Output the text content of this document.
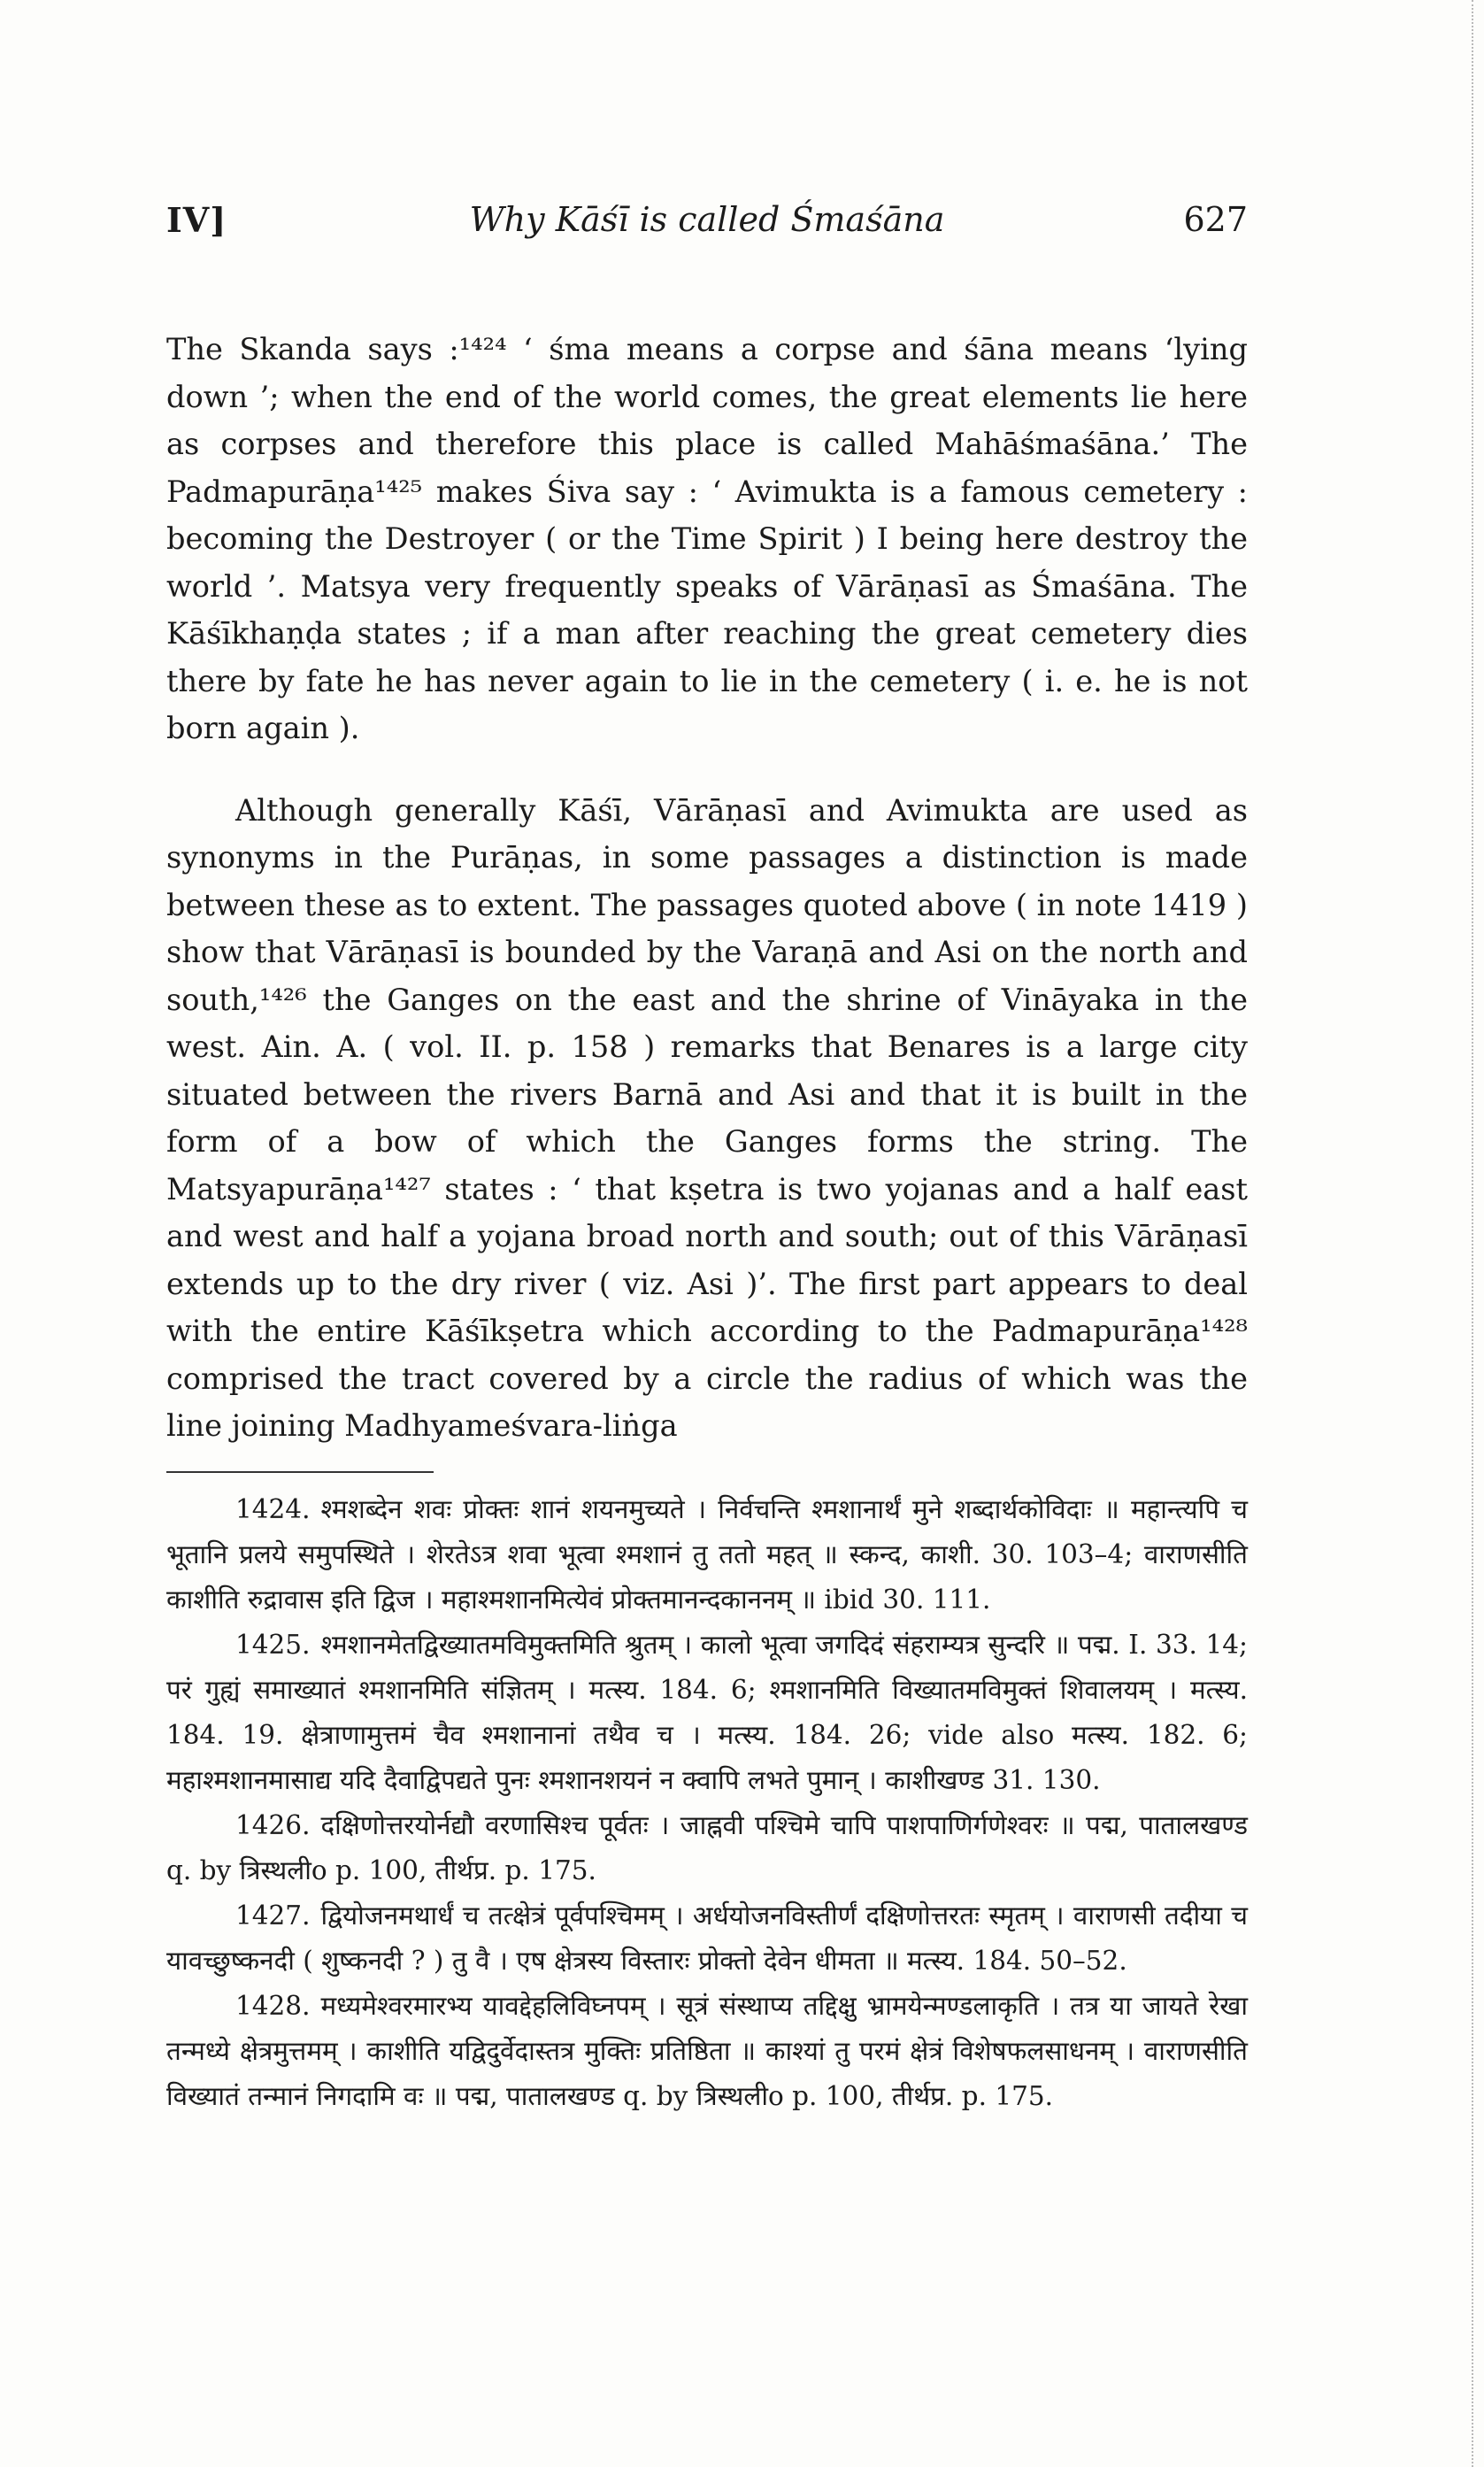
IV]	Why Kāśī is called Śmaśāna	627

The Skanda says :¹⁴²⁴ ‘ śma means a corpse and śāna means ‘lying down ’; when the end of the world comes, the great elements lie here as corpses and therefore this place is called Mahāśmaśāna.’ The Padmapurāṇa¹⁴²⁵ makes Śiva say : ‘ Avimukta is a famous cemetery : becoming the Destroyer ( or the Time Spirit ) I being here destroy the world ’. Matsya very frequently speaks of Vārāṇasī as Śmaśāna. The Kāśīkhaṇḍa states ; if a man after reaching the great cemetery dies there by fate he has never again to lie in the cemetery ( i. e. he is not born again ).

Although generally Kāśī, Vārāṇasī and Avimukta are used as synonyms in the Purāṇas, in some passages a distinction is made between these as to extent. The passages quoted above ( in note 1419 ) show that Vārāṇasī is bounded by the Varaṇā and Asi on the north and south,¹⁴²⁶ the Ganges on the east and the shrine of Vināyaka in the west. Ain. A. ( vol. II. p. 158 ) remarks that Benares is a large city situated between the rivers Barnā and Asi and that it is built in the form of a bow of which the Ganges forms the string. The Matsyapurāṇa¹⁴²⁷ states : ‘ that kṣetra is two yojanas and a half east and west and half a yojana broad north and south; out of this Vārāṇasī extends up to the dry river ( viz. Asi )’. The first part appears to deal with the entire Kāśīkṣetra which according to the Padmapurāṇa¹⁴²⁸ comprised the tract covered by a circle the radius of which was the line joining Madhyameśvara-liṅga

1424. श्मशब्देन शवः प्रोक्तः शानं शयनमुच्यते । निर्वचन्ति श्मशानार्थं मुने शब्दार्थकोविदाः ॥ महान्त्यपि च भूतानि प्रलये समुपस्थिते । शेरतेऽत्र शवा भूत्वा श्मशानं तु ततो महत् ॥ स्कन्द, काशी. 30. 103–4; वाराणसीति काशीति रुद्रावास इति द्विज । महाश्मशानमित्येवं प्रोक्तमानन्दकाननम् ॥ ibid 30. 111.

1425. श्मशानमेतद्विख्यातमविमुक्तमिति श्रुतम् । कालो भूत्वा जगदिदं संहराम्यत्र सुन्दरि ॥ पद्म. I. 33. 14; परं गुह्यं समाख्यातं श्मशानमिति संज्ञितम् । मत्स्य. 184. 6; श्मशानमिति विख्यातमविमुक्तं शिवालयम् । मत्स्य. 184. 19. क्षेत्राणामुत्तमं चैव श्मशानानां तथैव च । मत्स्य. 184. 26; vide also मत्स्य. 182. 6; महाश्मशानमासाद्य यदि दैवाद्विपद्यते पुनः श्मशानशयनं न क्वापि लभते पुमान् । काशीखण्ड 31. 130.

1426. दक्षिणोत्तरयोर्नद्यौ वरणासिश्च पूर्वतः । जाह्नवी पश्चिमे चापि पाशपाणिर्गणेश्वरः ॥ पद्म, पातालखण्ड q. by त्रिस्थलीo p. 100, तीर्थप्र. p. 175.

1427. द्वियोजनमथार्धं च तत्क्षेत्रं पूर्वपश्चिमम् । अर्धयोजनविस्तीर्णं दक्षिणोत्तरतः स्मृतम् । वाराणसी तदीया च यावच्छुष्कनदी ( शुष्कनदी ? ) तु वै । एष क्षेत्रस्य विस्तारः प्रोक्तो देवेन धीमता ॥ मत्स्य. 184. 50–52.

1428. मध्यमेश्वरमारभ्य यावद्देहलिविघ्नपम् । सूत्रं संस्थाप्य तद्दिक्षु भ्रामयेन्मण्डलाकृति । तत्र या जायते रेखा तन्मध्ये क्षेत्रमुत्तमम् । काशीति यद्विदुर्वेदास्तत्र मुक्तिः प्रतिष्ठिता ॥ काश्यां तु परमं क्षेत्रं विशेषफलसाधनम् । वाराणसीति विख्यातं तन्मानं निगदामि वः ॥ पद्म, पातालखण्ड q. by त्रिस्थलीo p. 100, तीर्थप्र. p. 175.
